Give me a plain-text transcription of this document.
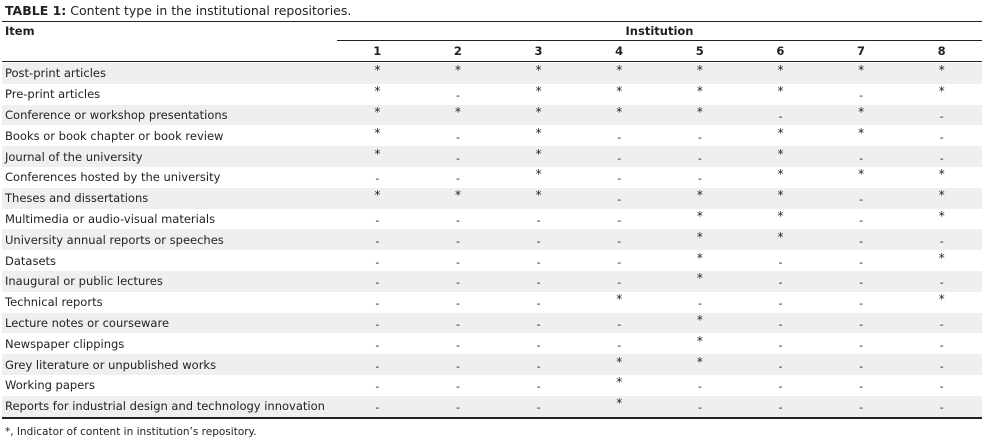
TABLE 1: Content type in the institutional repositories.
Item	Institution
1	2	3	4	5	6	7	8
Post-print articles	*	*	*	*	*	*	*	*
Pre-print articles	*	-	*	*	*	*	-	*
Conference or workshop presentations	*	*	*	*	*	-	*	-
Books or book chapter or book review	*	-	*	-	-	*	*	-
Journal of the university	*	-	*	-	-	*	-	-
Conferences hosted by the university	-	-	*	-	-	*	*	*
Theses and dissertations	*	*	*	-	*	*	-	*
Multimedia or audio-visual materials	-	-	-	-	*	*	-	*
University annual reports or speeches	-	-	-	-	*	*	-	-
Datasets	-	-	-	-	*	-	-	*
Inaugural or public lectures	-	-	-	-	*	-	-	-
Technical reports	-	-	-	*	-	-	-	*
Lecture notes or courseware	-	-	-	-	*	-	-	-
Newspaper clippings	-	-	-	-	*	-	-	-
Grey literature or unpublished works	-	-	-	*	*	-	-	-
Working papers	-	-	-	*	-	-	-	-
Reports for industrial design and technology innovation	-	-	-	*	-	-	-	-
*, Indicator of content in institution’s repository.
